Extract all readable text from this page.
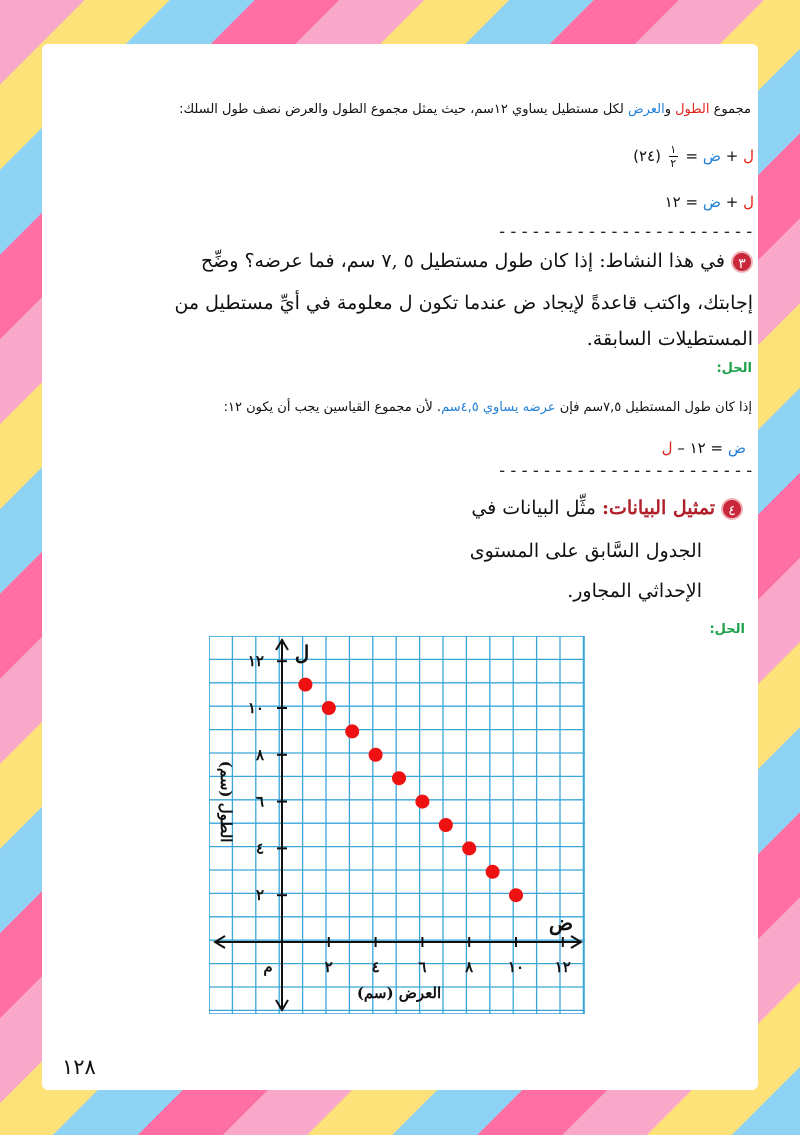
مجموع الطول والعرض لكل مستطيل يساوي ١٢سم، حيث يمثل مجموع الطول والعرض نصف طول السلك:
ل + ض =
$\frac{١}{٢}$
(٢٤)
ل + ض = ١٢
-----------------------
٣في هذا النشاط: إذا كان طول مستطيل ٥ ,٧ سم، فما عرضه؟ وضِّح
إجابتك، واكتب قاعدةً لإيجاد ض عندما تكون ل معلومة في أيِّ مستطيل من
المستطيلات السابقة.
الحل:
إذا كان طول المستطيل ٧,٥سم فإن عرضه يساوي ٤,٥سم. لأن مجموع القياسين يجب أن يكون ١٢:
ض = ١٢ – ل
-----------------------
٤تمثيل البيانات: مثِّل البيانات في
الجدول السَّابق على المستوى
الإحداثي المجاور.
الحل:
٢	٤	٦	٨ ١٠ ١٢
٢
٤
٦
٨
١٠
١٢
م
ض
ل
العرض (سم)
الطول (سم)
١٢٨
